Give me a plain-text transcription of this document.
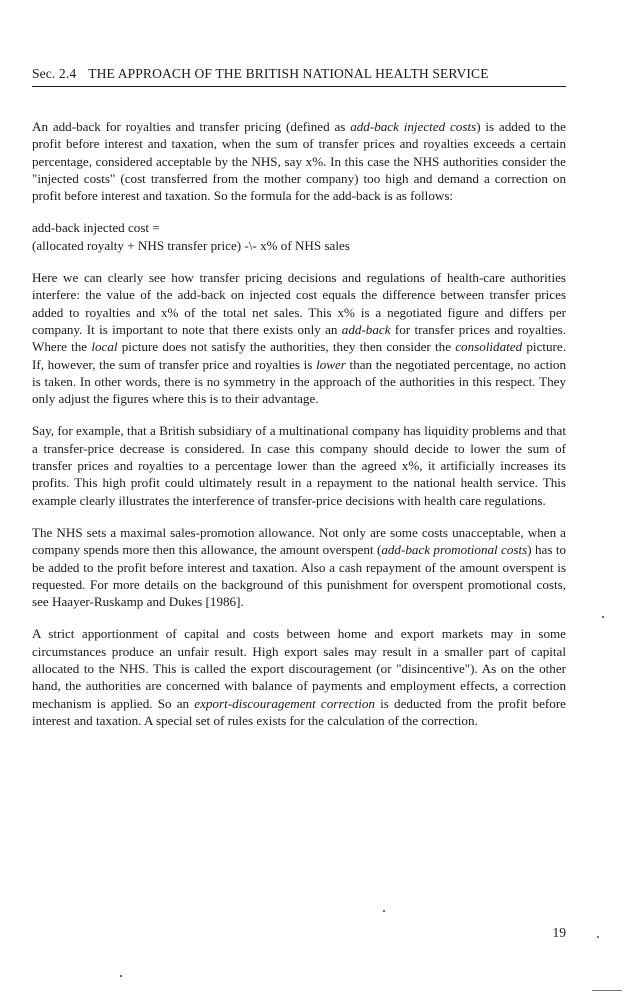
Sec. 2.4 THE APPROACH OF THE BRITISH NATIONAL HEALTH SERVICE

An add-back for royalties and transfer pricing (defined as add-back injected costs) is added to the profit before interest and taxation, when the sum of transfer prices and royalties exceeds a certain percentage, considered acceptable by the NHS, say x%. In this case the NHS authorities consider the "injected costs" (cost transferred from the mother company) too high and demand a correction on profit before interest and taxation. So the formula for the add-back is as follows:

add-back injected cost =
(allocated royalty + NHS transfer price) -\- x% of NHS sales

Here we can clearly see how transfer pricing decisions and regulations of health-care authorities interfere: the value of the add-back on injected cost equals the difference between transfer prices added to royalties and x% of the total net sales. This x% is a negotiated figure and differs per company. It is important to note that there exists only an add-back for transfer prices and royalties. Where the local picture does not satisfy the authorities, they then consider the consolidated picture. If, however, the sum of transfer price and royalties is lower than the negotiated percentage, no action is taken. In other words, there is no symmetry in the approach of the authorities in this respect. They only adjust the figures where this is to their advantage.

Say, for example, that a British subsidiary of a multinational company has liquidity problems and that a transfer-price decrease is considered. In case this company should decide to lower the sum of transfer prices and royalties to a percentage lower than the agreed x%, it artificially increases its profits. This high profit could ultimately result in a repayment to the national health service. This example clearly illustrates the interference of transfer-price decisions with health care regulations.

The NHS sets a maximal sales-promotion allowance. Not only are some costs unacceptable, when a company spends more then this allowance, the amount overspent (add-back promotional costs) has to be added to the profit before interest and taxation. Also a cash repayment of the amount overspent is requested. For more details on the background of this punishment for overspent promotional costs, see Haayer-Ruskamp and Dukes [1986].

A strict apportionment of capital and costs between home and export markets may in some circumstances produce an unfair result. High export sales may result in a smaller part of capital allocated to the NHS. This is called the export discouragement (or "disincentive"). As on the other hand, the authorities are concerned with balance of payments and employment effects, a correction mechanism is applied. So an export-discouragement correction is deducted from the profit before interest and taxation. A special set of rules exists for the calculation of the correction.

19
